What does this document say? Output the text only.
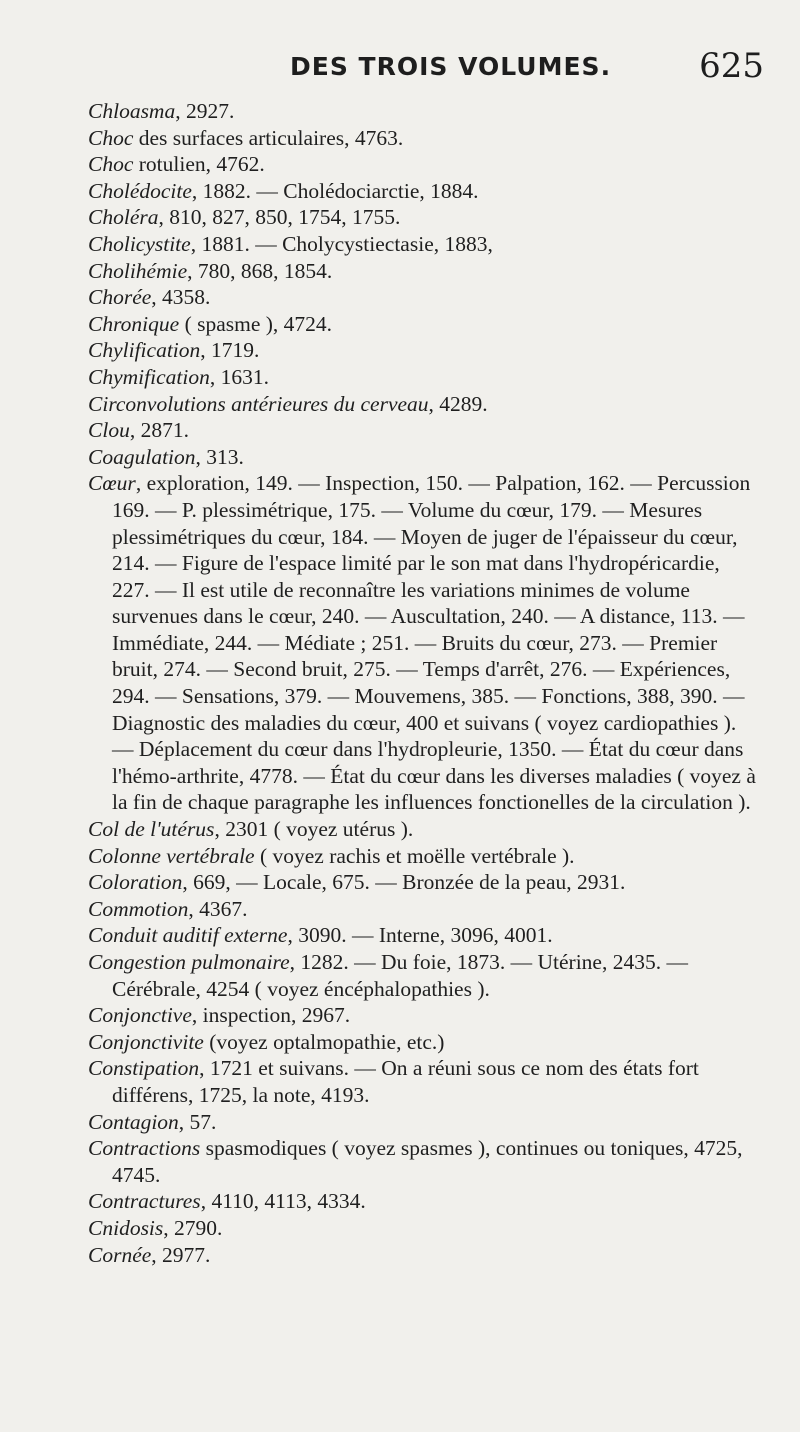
DES TROIS VOLUMES.	625

Chloasma, 2927.

Choc des surfaces articulaires, 4763.

Choc rotulien, 4762.

Cholédocite, 1882. — Cholédociarctie, 1884.

Choléra, 810, 827, 850, 1754, 1755.

Cholicystite, 1881. — Cholycystiectasie, 1883,

Cholihémie, 780, 868, 1854.

Chorée, 4358.

Chronique ( spasme ), 4724.

Chylification, 1719.

Chymification, 1631.

Circonvolutions antérieures du cerveau, 4289.

Clou, 2871.

Coagulation, 313.

Cœur, exploration, 149. — Inspection, 150. — Palpation, 162. — Percussion 169. — P. plessimétrique, 175. — Volume du cœur, 179. — Mesures plessimétriques du cœur, 184. — Moyen de juger de l'épaisseur du cœur, 214. — Figure de l'espace limité par le son mat dans l'hydropéricardie, 227. — Il est utile de reconnaître les variations minimes de volume survenues dans le cœur, 240. — Auscultation, 240. — A distance, 113. — Immédiate, 244. — Médiate ; 251. — Bruits du cœur, 273. — Premier bruit, 274. — Second bruit, 275. — Temps d'arrêt, 276. — Expériences, 294. — Sensations, 379. — Mouvemens, 385. — Fonctions, 388, 390. — Diagnostic des maladies du cœur, 400 et suivans ( voyez cardiopathies ). — Déplacement du cœur dans l'hydropleurie, 1350. — État du cœur dans l'hémo-arthrite, 4778. — État du cœur dans les diverses maladies ( voyez à la fin de chaque paragraphe les influences fonctionelles de la circulation ).

Col de l'utérus, 2301 ( voyez utérus ).

Colonne vertébrale ( voyez rachis et moëlle vertébrale ).

Coloration, 669, — Locale, 675. — Bronzée de la peau, 2931.

Commotion, 4367.

Conduit auditif externe, 3090. — Interne, 3096, 4001.

Congestion pulmonaire, 1282. — Du foie, 1873. — Utérine, 2435. — Cérébrale, 4254 ( voyez éncéphalopathies ).

Conjonctive, inspection, 2967.

Conjonctivite (voyez optalmopathie, etc.)

Constipation, 1721 et suivans. — On a réuni sous ce nom des états fort différens, 1725, la note, 4193.

Contagion, 57.

Contractions spasmodiques ( voyez spasmes ), continues ou toniques, 4725, 4745.

Contractures, 4110, 4113, 4334.

Cnidosis, 2790.

Cornée, 2977.
